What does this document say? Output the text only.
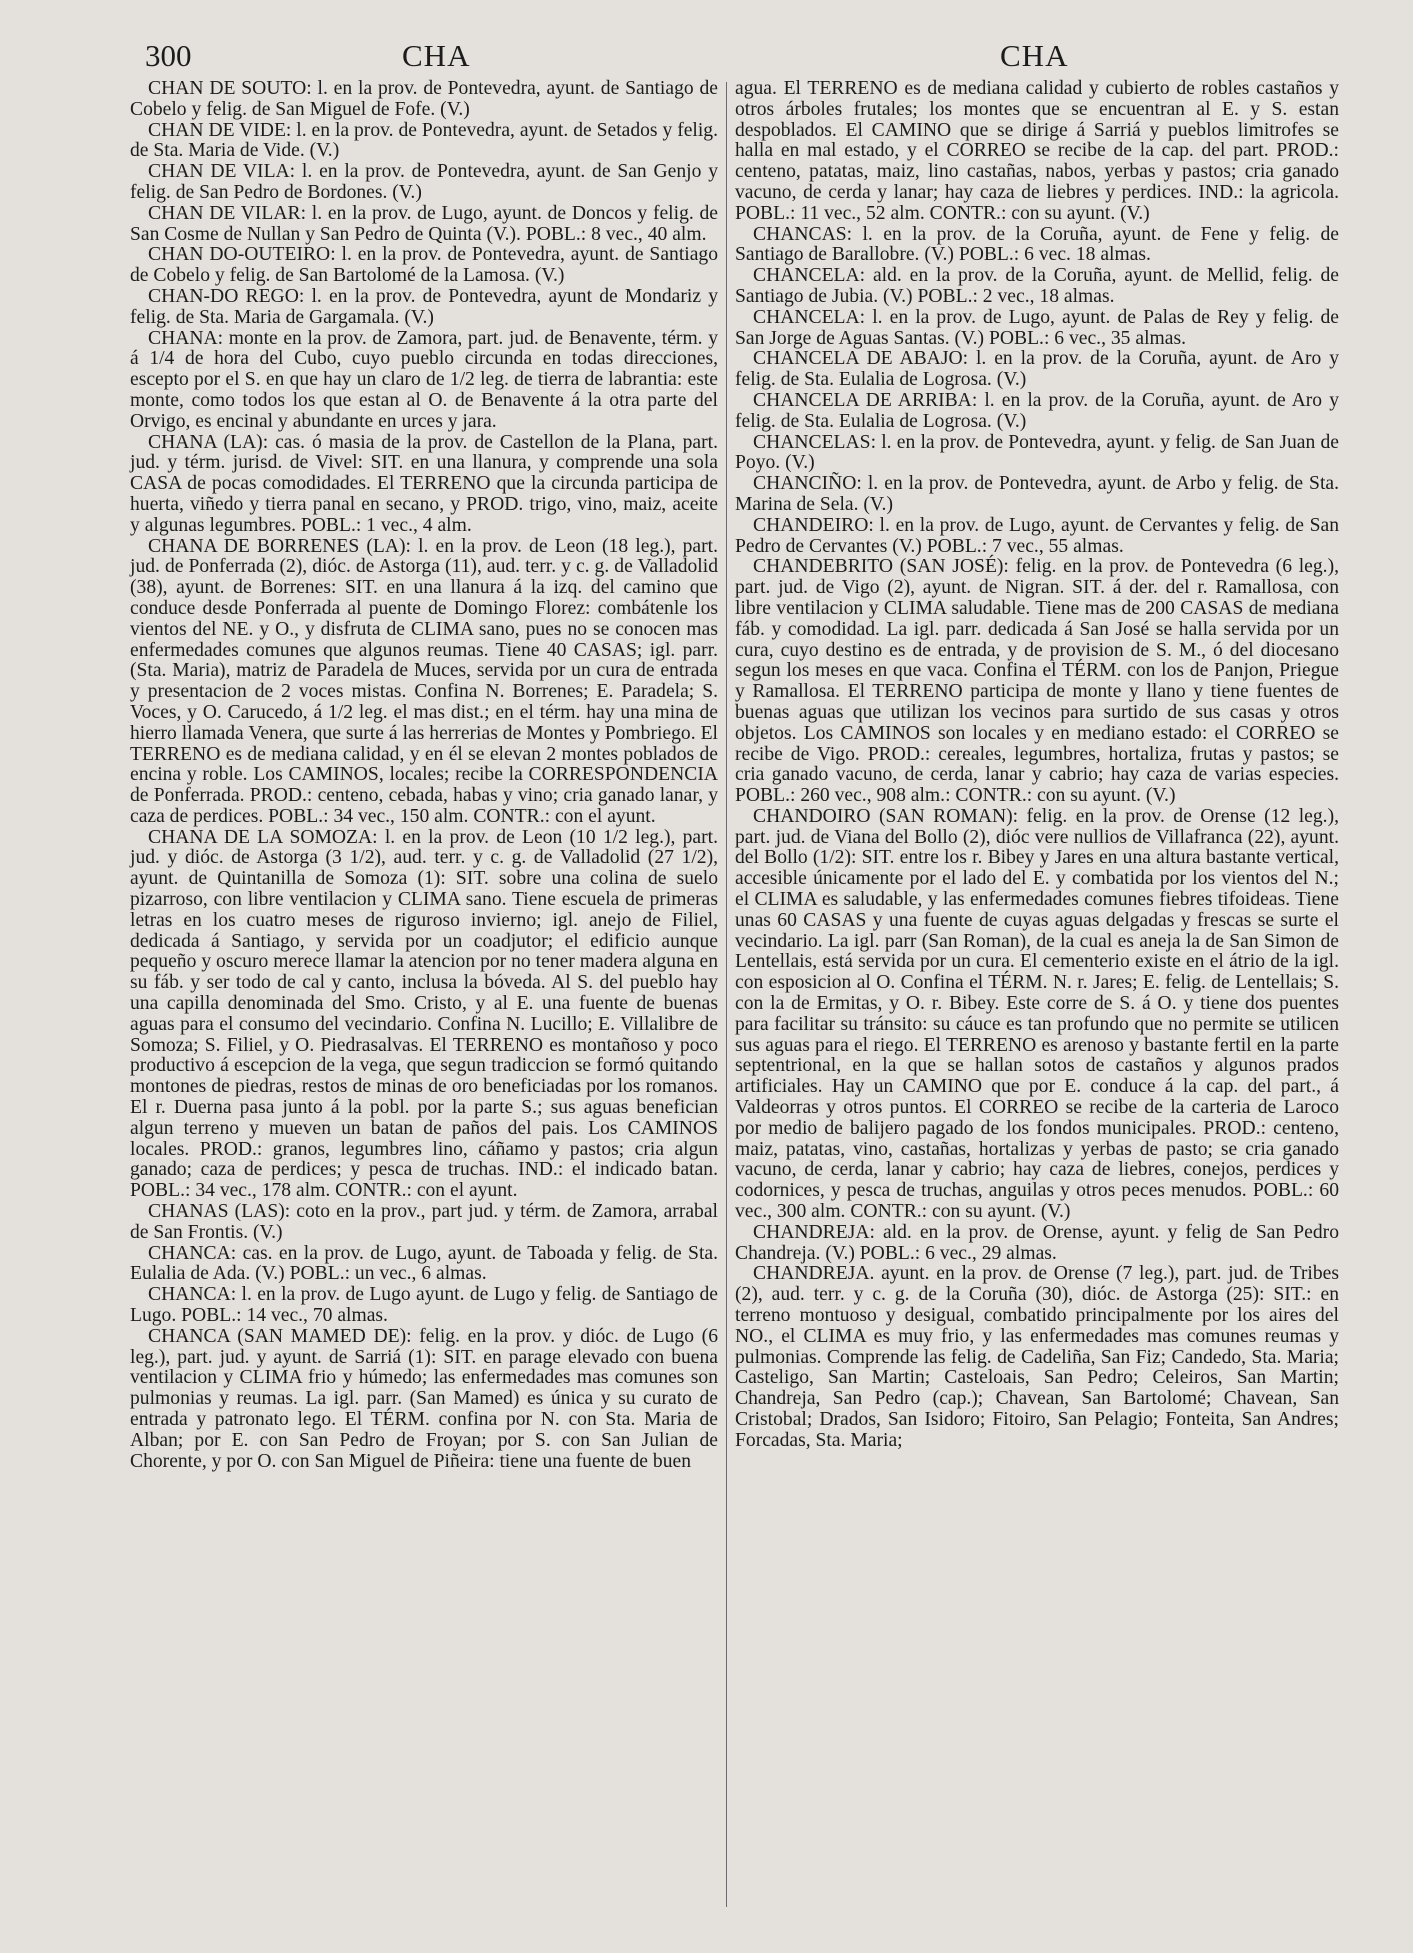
300	CHA	CHA

CHAN DE SOUTO: l. en la prov. de Pontevedra, ayunt. de Santiago de Cobelo y felig. de San Miguel de Fofe. (V.)

CHAN DE VIDE: l. en la prov. de Pontevedra, ayunt. de Setados y felig. de Sta. Maria de Vide. (V.)

CHAN DE VILA: l. en la prov. de Pontevedra, ayunt. de San Genjo y felig. de San Pedro de Bordones. (V.)

CHAN DE VILAR: l. en la prov. de Lugo, ayunt. de Doncos y felig. de San Cosme de Nullan y San Pedro de Quinta (V.). POBL.: 8 vec., 40 alm.

CHAN DO-OUTEIRO: l. en la prov. de Pontevedra, ayunt. de Santiago de Cobelo y felig. de San Bartolomé de la Lamosa. (V.)

CHAN-DO REGO: l. en la prov. de Pontevedra, ayunt de Mondariz y felig. de Sta. Maria de Gargamala. (V.)

CHANA: monte en la prov. de Zamora, part. jud. de Benavente, térm. y á 1/4 de hora del Cubo, cuyo pueblo circunda en todas direcciones, escepto por el S. en que hay un claro de 1/2 leg. de tierra de labrantia: este monte, como todos los que estan al O. de Benavente á la otra parte del Orvigo, es encinal y abundante en urces y jara.

CHANA (LA): cas. ó masia de la prov. de Castellon de la Plana, part. jud. y térm. jurisd. de Vivel: SIT. en una llanura, y comprende una sola CASA de pocas comodidades. El TERRENO que la circunda participa de huerta, viñedo y tierra panal en secano, y PROD. trigo, vino, maiz, aceite y algunas legumbres. POBL.: 1 vec., 4 alm.

CHANA DE BORRENES (LA): l. en la prov. de Leon (18 leg.), part. jud. de Ponferrada (2), dióc. de Astorga (11), aud. terr. y c. g. de Valladolid (38), ayunt. de Borrenes: SIT. en una llanura á la izq. del camino que conduce desde Ponferrada al puente de Domingo Florez: combátenle los vientos del NE. y O., y disfruta de CLIMA sano, pues no se conocen mas enfermedades comunes que algunos reumas. Tiene 40 CASAS; igl. parr. (Sta. Maria), matriz de Paradela de Muces, servida por un cura de entrada y presentacion de 2 voces mistas. Confina N. Borrenes; E. Paradela; S. Voces, y O. Carucedo, á 1/2 leg. el mas dist.; en el térm. hay una mina de hierro llamada Venera, que surte á las herrerias de Montes y Pombriego. El TERRENO es de mediana calidad, y en él se elevan 2 montes poblados de encina y roble. Los CAMINOS, locales; recibe la CORRESPONDENCIA de Ponferrada. PROD.: centeno, cebada, habas y vino; cria ganado lanar, y caza de perdices. POBL.: 34 vec., 150 alm. CONTR.: con el ayunt.

CHANA DE LA SOMOZA: l. en la prov. de Leon (10 1/2 leg.), part. jud. y dióc. de Astorga (3 1/2), aud. terr. y c. g. de Valladolid (27 1/2), ayunt. de Quintanilla de Somoza (1): SIT. sobre una colina de suelo pizarroso, con libre ventilacion y CLIMA sano. Tiene escuela de primeras letras en los cuatro meses de riguroso invierno; igl. anejo de Filiel, dedicada á Santiago, y servida por un coadjutor; el edificio aunque pequeño y oscuro merece llamar la atencion por no tener madera alguna en su fáb. y ser todo de cal y canto, inclusa la bóveda. Al S. del pueblo hay una capilla denominada del Smo. Cristo, y al E. una fuente de buenas aguas para el consumo del vecindario. Confina N. Lucillo; E. Villalibre de Somoza; S. Filiel, y O. Piedrasalvas. El TERRENO es montañoso y poco productivo á escepcion de la vega, que segun tradiccion se formó quitando montones de piedras, restos de minas de oro beneficiadas por los romanos. El r. Duerna pasa junto á la pobl. por la parte S.; sus aguas benefician algun terreno y mueven un batan de paños del pais. Los CAMINOS locales. PROD.: granos, legumbres lino, cáñamo y pastos; cria algun ganado; caza de perdices; y pesca de truchas. IND.: el indicado batan. POBL.: 34 vec., 178 alm. CONTR.: con el ayunt.

CHANAS (LAS): coto en la prov., part jud. y térm. de Zamora, arrabal de San Frontis. (V.)

CHANCA: cas. en la prov. de Lugo, ayunt. de Taboada y felig. de Sta. Eulalia de Ada. (V.) POBL.: un vec., 6 almas.

CHANCA: l. en la prov. de Lugo ayunt. de Lugo y felig. de Santiago de Lugo. POBL.: 14 vec., 70 almas.

CHANCA (SAN MAMED DE): felig. en la prov. y dióc. de Lugo (6 leg.), part. jud. y ayunt. de Sarriá (1): SIT. en parage elevado con buena ventilacion y CLIMA frio y húmedo; las enfermedades mas comunes son pulmonias y reumas. La igl. parr. (San Mamed) es única y su curato de entrada y patronato lego. El TÉRM. confina por N. con Sta. Maria de Alban; por E. con San Pedro de Froyan; por S. con San Julian de Chorente, y por O. con San Miguel de Piñeira: tiene una fuente de buen

agua. El TERRENO es de mediana calidad y cubierto de robles castaños y otros árboles frutales; los montes que se encuentran al E. y S. estan despoblados. El CAMINO que se dirige á Sarriá y pueblos limitrofes se halla en mal estado, y el CORREO se recibe de la cap. del part. PROD.: centeno, patatas, maiz, lino castañas, nabos, yerbas y pastos; cria ganado vacuno, de cerda y lanar; hay caza de liebres y perdices. IND.: la agricola. POBL.: 11 vec., 52 alm. CONTR.: con su ayunt. (V.)

CHANCAS: l. en la prov. de la Coruña, ayunt. de Fene y felig. de Santiago de Barallobre. (V.) POBL.: 6 vec. 18 almas.

CHANCELA: ald. en la prov. de la Coruña, ayunt. de Mellid, felig. de Santiago de Jubia. (V.) POBL.: 2 vec., 18 almas.

CHANCELA: l. en la prov. de Lugo, ayunt. de Palas de Rey y felig. de San Jorge de Aguas Santas. (V.) POBL.: 6 vec., 35 almas.

CHANCELA DE ABAJO: l. en la prov. de la Coruña, ayunt. de Aro y felig. de Sta. Eulalia de Logrosa. (V.)

CHANCELA DE ARRIBA: l. en la prov. de la Coruña, ayunt. de Aro y felig. de Sta. Eulalia de Logrosa. (V.)

CHANCELAS: l. en la prov. de Pontevedra, ayunt. y felig. de San Juan de Poyo. (V.)

CHANCIÑO: l. en la prov. de Pontevedra, ayunt. de Arbo y felig. de Sta. Marina de Sela. (V.)

CHANDEIRO: l. en la prov. de Lugo, ayunt. de Cervantes y felig. de San Pedro de Cervantes (V.) POBL.: 7 vec., 55 almas.

CHANDEBRITO (SAN JOSÉ): felig. en la prov. de Pontevedra (6 leg.), part. jud. de Vigo (2), ayunt. de Nigran. SIT. á der. del r. Ramallosa, con libre ventilacion y CLIMA saludable. Tiene mas de 200 CASAS de mediana fáb. y comodidad. La igl. parr. dedicada á San José se halla servida por un cura, cuyo destino es de entrada, y de provision de S. M., ó del diocesano segun los meses en que vaca. Confina el TÉRM. con los de Panjon, Priegue y Ramallosa. El TERRENO participa de monte y llano y tiene fuentes de buenas aguas que utilizan los vecinos para surtido de sus casas y otros objetos. Los CAMINOS son locales y en mediano estado: el CORREO se recibe de Vigo. PROD.: cereales, legumbres, hortaliza, frutas y pastos; se cria ganado vacuno, de cerda, lanar y cabrio; hay caza de varias especies. POBL.: 260 vec., 908 alm.: CONTR.: con su ayunt. (V.)

CHANDOIRO (SAN ROMAN): felig. en la prov. de Orense (12 leg.), part. jud. de Viana del Bollo (2), dióc vere nullios de Villafranca (22), ayunt. del Bollo (1/2): SIT. entre los r. Bibey y Jares en una altura bastante vertical, accesible únicamente por el lado del E. y combatida por los vientos del N.; el CLIMA es saludable, y las enfermedades comunes fiebres tifoideas. Tiene unas 60 CASAS y una fuente de cuyas aguas delgadas y frescas se surte el vecindario. La igl. parr (San Roman), de la cual es aneja la de San Simon de Lentellais, está servida por un cura. El cementerio existe en el átrio de la igl. con esposicion al O. Confina el TÉRM. N. r. Jares; E. felig. de Lentellais; S. con la de Ermitas, y O. r. Bibey. Este corre de S. á O. y tiene dos puentes para facilitar su tránsito: su cáuce es tan profundo que no permite se utilicen sus aguas para el riego. El TERRENO es arenoso y bastante fertil en la parte septentrional, en la que se hallan sotos de castaños y algunos prados artificiales. Hay un CAMINO que por E. conduce á la cap. del part., á Valdeorras y otros puntos. El CORREO se recibe de la carteria de Laroco por medio de balijero pagado de los fondos municipales. PROD.: centeno, maiz, patatas, vino, castañas, hortalizas y yerbas de pasto; se cria ganado vacuno, de cerda, lanar y cabrio; hay caza de liebres, conejos, perdices y codornices, y pesca de truchas, anguilas y otros peces menudos. POBL.: 60 vec., 300 alm. CONTR.: con su ayunt. (V.)

CHANDREJA: ald. en la prov. de Orense, ayunt. y felig de San Pedro Chandreja. (V.) POBL.: 6 vec., 29 almas.

CHANDREJA. ayunt. en la prov. de Orense (7 leg.), part. jud. de Tribes (2), aud. terr. y c. g. de la Coruña (30), dióc. de Astorga (25): SIT.: en terreno montuoso y desigual, combatido principalmente por los aires del NO., el CLIMA es muy frio, y las enfermedades mas comunes reumas y pulmonias. Comprende las felig. de Cadeliña, San Fiz; Candedo, Sta. Maria; Casteligo, San Martin; Casteloais, San Pedro; Celeiros, San Martin; Chandreja, San Pedro (cap.); Chavean, San Bartolomé; Chavean, San Cristobal; Drados, San Isidoro; Fitoiro, San Pelagio; Fonteita, San Andres; Forcadas, Sta. Maria;
